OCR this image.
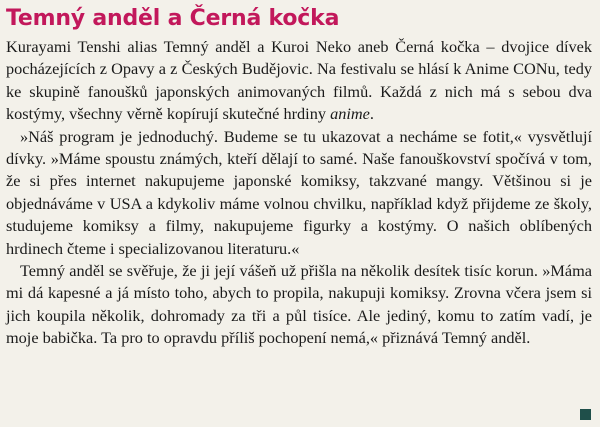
Temný anděl a Černá kočka

Kurayami Tenshi alias Temný anděl a Kuroi Neko aneb Černá kočka – dvojice dívek pocházejících z Opavy a z Českých Budějovic. Na festivalu se hlásí k Anime CONu, tedy ke skupině fanoušků japonských animovaných filmů. Každá z nich má s sebou dva kostýmy, všechny věrně kopírují skutečné hrdiny anime.

»Náš program je jednoduchý. Budeme se tu ukazovat a necháme se fotit,« vysvětlují dívky. »Máme spoustu známých, kteří dělají to samé. Naše fanouškovství spočívá v tom, že si přes internet nakupujeme japonské komiksy, takzvané mangy. Většinou si je objednáváme v USA a kdykoliv máme volnou chvilku, například když přijdeme ze školy, studujeme komiksy a filmy, nakupujeme figurky a kostýmy. O našich oblíbených hrdinech čteme i specializovanou literaturu.«

Temný anděl se svěřuje, že ji její vášeň už přišla na několik desítek tisíc korun. »Máma mi dá kapesné a já místo toho, abych to propila, nakupuji komiksy. Zrovna včera jsem si jich koupila několik, dohromady za tři a půl tisíce. Ale jediný, komu to zatím vadí, je moje babička. Ta pro to opravdu příliš pochopení nemá,« přiznává Temný anděl.
